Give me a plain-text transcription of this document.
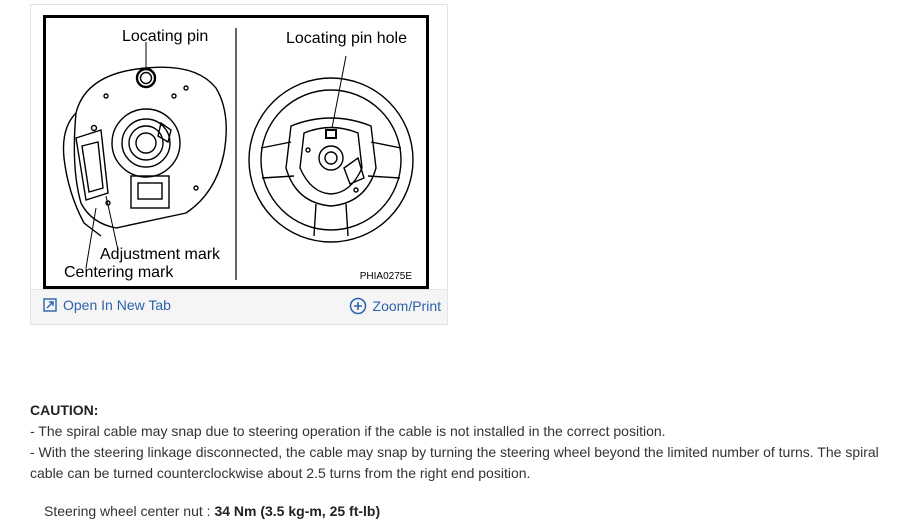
Locating pin	Locating pin hole
Adjustment mark
Centering mark	PHIA0275E
Open In New Tab	Zoom/Print
CAUTION:
- The spiral cable may snap due to steering operation if the cable is not installed in the correct position.
- With the steering linkage disconnected, the cable may snap by turning the steering wheel beyond the limited number of turns. The spiral cable can be turned counterclockwise about 2.5 turns from the right end position.
Steering wheel center nut : 34 Nm (3.5 kg-m, 25 ft-lb)
